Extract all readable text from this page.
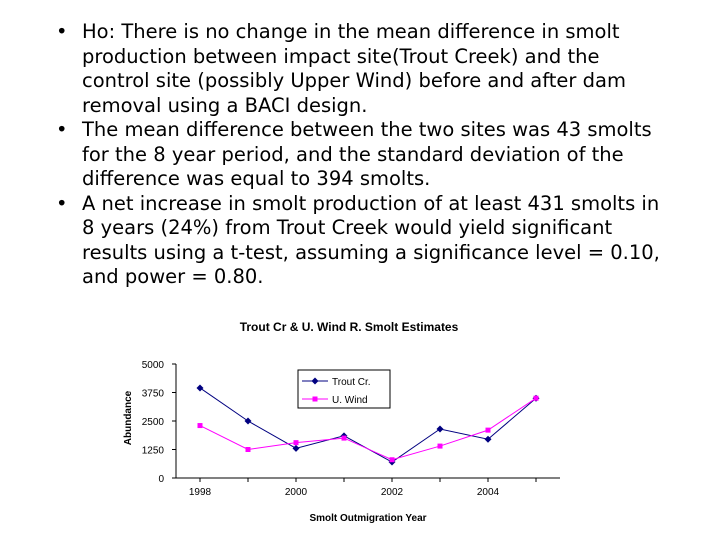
• Ho: There is no change in the mean difference in smolt
production between impact site(Trout Creek) and the
control site (possibly Upper Wind) before and after dam
removal using a BACI design.
• The mean difference between the two sites was 43 smolts
for the 8 year period, and the standard deviation of the
difference was equal to 394 smolts.
• A net increase in smolt production of at least 431 smolts in
8 years (24%) from Trout Creek would yield significant
results using a t-test, assuming a significance level = 0.10,
and power = 0.80.
Trout Cr & U. Wind R. Smolt Estimates
Abundance
Smolt Outmigration Year
0
1250
2500
3750
5000
1998	2000	2002	2004
Trout Cr.
U. Wind
